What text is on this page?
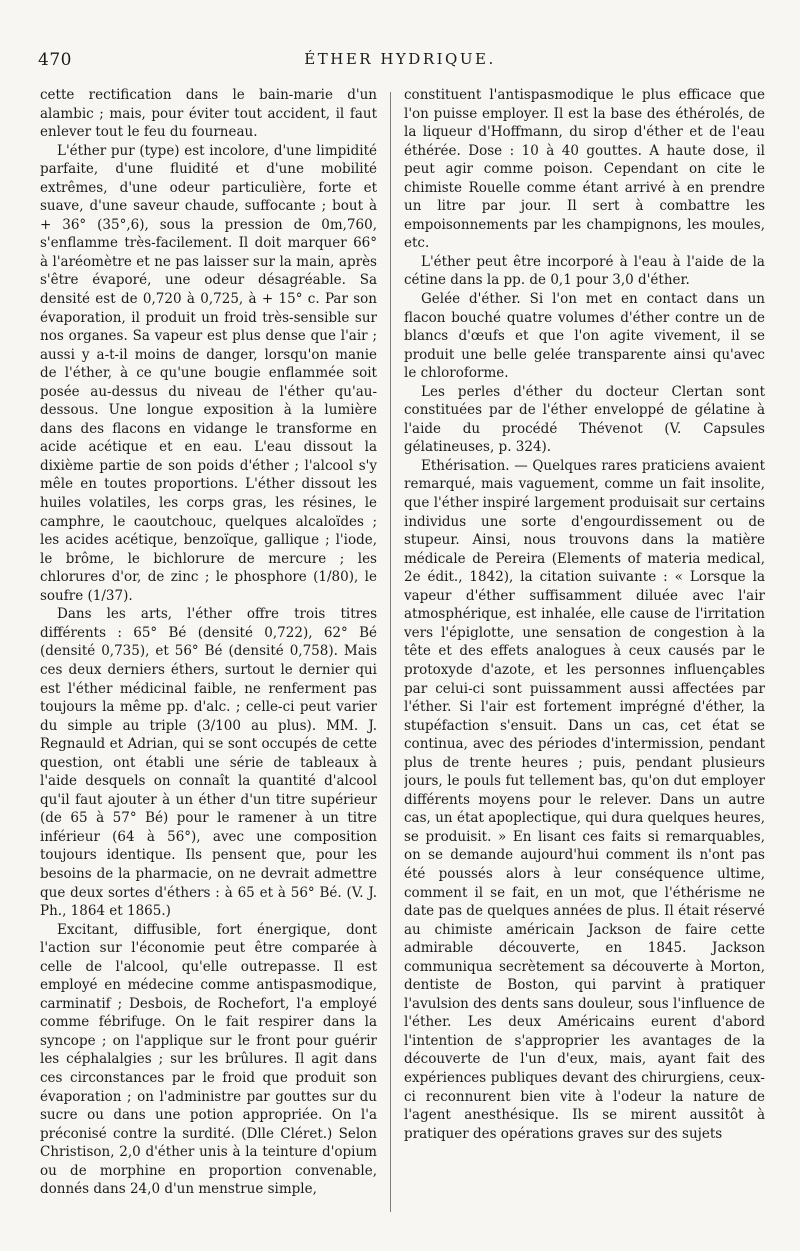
470	ÉTHER HYDRIQUE.

cette rectification dans le bain-marie d'un alambic ; mais, pour éviter tout accident, il faut enlever tout le feu du fourneau.

L'éther pur (type) est incolore, d'une limpidité parfaite, d'une fluidité et d'une mobilité extrêmes, d'une odeur particulière, forte et suave, d'une saveur chaude, suffocante ; bout à + 36° (35°,6), sous la pression de 0m,760, s'enflamme très-facilement. Il doit marquer 66° à l'aréomètre et ne pas laisser sur la main, après s'être évaporé, une odeur désagréable. Sa densité est de 0,720 à 0,725, à + 15° c. Par son évaporation, il produit un froid très-sensible sur nos organes. Sa vapeur est plus dense que l'air ; aussi y a-t-il moins de danger, lorsqu'on manie de l'éther, à ce qu'une bougie enflammée soit posée au-dessus du niveau de l'éther qu'au-dessous. Une longue exposition à la lumière dans des flacons en vidange le transforme en acide acétique et en eau. L'eau dissout la dixième partie de son poids d'éther ; l'alcool s'y mêle en toutes proportions. L'éther dissout les huiles volatiles, les corps gras, les résines, le camphre, le caoutchouc, quelques alcaloïdes ; les acides acétique, benzoïque, gallique ; l'iode, le brôme, le bichlorure de mercure ; les chlorures d'or, de zinc ; le phosphore (1/80), le soufre (1/37).

Dans les arts, l'éther offre trois titres différents : 65° Bé (densité 0,722), 62° Bé (densité 0,735), et 56° Bé (densité 0,758). Mais ces deux derniers éthers, surtout le dernier qui est l'éther médicinal faible, ne renferment pas toujours la même pp. d'alc. ; celle-ci peut varier du simple au triple (3/100 au plus). MM. J. Regnauld et Adrian, qui se sont occupés de cette question, ont établi une série de tableaux à l'aide desquels on connaît la quantité d'alcool qu'il faut ajouter à un éther d'un titre supérieur (de 65 à 57° Bé) pour le ramener à un titre inférieur (64 à 56°), avec une composition toujours identique. Ils pensent que, pour les besoins de la pharmacie, on ne devrait admettre que deux sortes d'éthers : à 65 et à 56° Bé. (V. J. Ph., 1864 et 1865.)

Excitant, diffusible, fort énergique, dont l'action sur l'économie peut être comparée à celle de l'alcool, qu'elle outrepasse. Il est employé en médecine comme antispasmodique, carminatif ; Desbois, de Rochefort, l'a employé comme fébrifuge. On le fait respirer dans la syncope ; on l'applique sur le front pour guérir les céphalalgies ; sur les brûlures. Il agit dans ces circonstances par le froid que produit son évaporation ; on l'administre par gouttes sur du sucre ou dans une potion appropriée. On l'a préconisé contre la surdité. (Dlle Cléret.) Selon Christison, 2,0 d'éther unis à la teinture d'opium ou de morphine en proportion convenable, donnés dans 24,0 d'un menstrue simple,

constituent l'antispasmodique le plus efficace que l'on puisse employer. Il est la base des éthérolés, de la liqueur d'Hoffmann, du sirop d'éther et de l'eau éthérée. Dose : 10 à 40 gouttes. A haute dose, il peut agir comme poison. Cependant on cite le chimiste Rouelle comme étant arrivé à en prendre un litre par jour. Il sert à combattre les empoisonnements par les champignons, les moules, etc.

L'éther peut être incorporé à l'eau à l'aide de la cétine dans la pp. de 0,1 pour 3,0 d'éther.

Gelée d'éther. Si l'on met en contact dans un flacon bouché quatre volumes d'éther contre un de blancs d'œufs et que l'on agite vivement, il se produit une belle gelée transparente ainsi qu'avec le chloroforme.

Les perles d'éther du docteur Clertan sont constituées par de l'éther enveloppé de gélatine à l'aide du procédé Thévenot (V. Capsules gélatineuses, p. 324).

Ethérisation. — Quelques rares praticiens avaient remarqué, mais vaguement, comme un fait insolite, que l'éther inspiré largement produisait sur certains individus une sorte d'engourdissement ou de stupeur. Ainsi, nous trouvons dans la matière médicale de Pereira (Elements of materia medical, 2e édit., 1842), la citation suivante : « Lorsque la vapeur d'éther suffisamment diluée avec l'air atmosphérique, est inhalée, elle cause de l'irritation vers l'épiglotte, une sensation de congestion à la tête et des effets analogues à ceux causés par le protoxyde d'azote, et les personnes influençables par celui-ci sont puissamment aussi affectées par l'éther. Si l'air est fortement imprégné d'éther, la stupéfaction s'ensuit. Dans un cas, cet état se continua, avec des périodes d'intermission, pendant plus de trente heures ; puis, pendant plusieurs jours, le pouls fut tellement bas, qu'on dut employer différents moyens pour le relever. Dans un autre cas, un état apoplectique, qui dura quelques heures, se produisit. » En lisant ces faits si remarquables, on se demande aujourd'hui comment ils n'ont pas été poussés alors à leur conséquence ultime, comment il se fait, en un mot, que l'éthérisme ne date pas de quelques années de plus. Il était réservé au chimiste américain Jackson de faire cette admirable découverte, en 1845. Jackson communiqua secrètement sa découverte à Morton, dentiste de Boston, qui parvint à pratiquer l'avulsion des dents sans douleur, sous l'influence de l'éther. Les deux Américains eurent d'abord l'intention de s'approprier les avantages de la découverte de l'un d'eux, mais, ayant fait des expériences publiques devant des chirurgiens, ceux-ci reconnurent bien vite à l'odeur la nature de l'agent anesthésique. Ils se mirent aussitôt à pratiquer des opérations graves sur des sujets
